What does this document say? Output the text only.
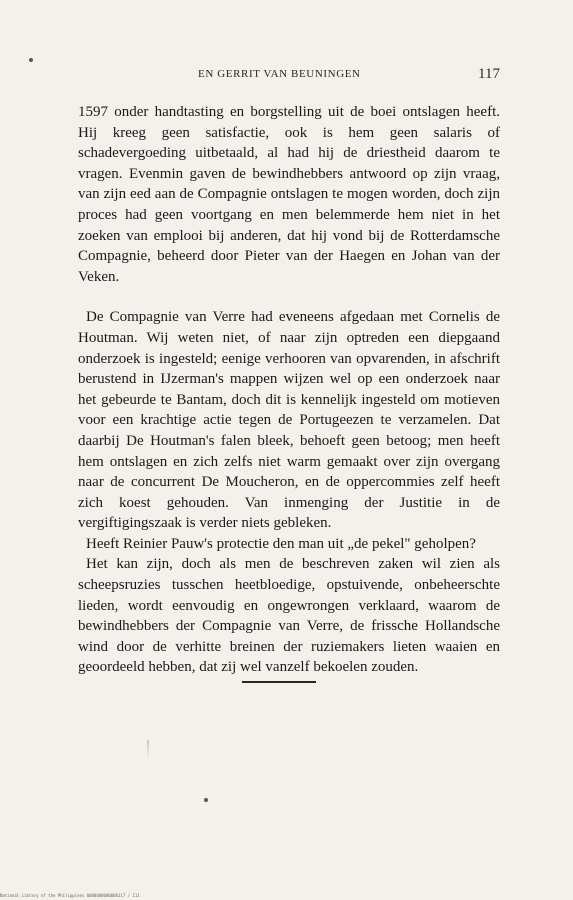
EN GERRIT VAN BEUNINGEN	117

1597 onder handtasting en borgstelling uit de boei ontslagen heeft. Hij kreeg geen satisfactie, ook is hem geen salaris of schadevergoeding uitbetaald, al had hij de driestheid daarom te vragen. Evenmin gaven de bewindhebbers antwoord op zijn vraag, van zijn eed aan de Compagnie ontslagen te mogen worden, doch zijn proces had geen voortgang en men belemmerde hem niet in het zoeken van emplooi bij anderen, dat hij vond bij de Rotterdamsche Compagnie, beheerd door Pieter van der Haegen en Johan van der Veken.

De Compagnie van Verre had eveneens afgedaan met Cornelis de Houtman. Wij weten niet, of naar zijn optreden een diepgaand onderzoek is ingesteld; eenige verhooren van opvarenden, in afschrift berustend in IJzerman's mappen wijzen wel op een onderzoek naar het gebeurde te Bantam, doch dit is kennelijk ingesteld om motieven voor een krachtige actie tegen de Portugeezen te verzamelen. Dat daarbij De Houtman's falen bleek, behoeft geen betoog; men heeft hem ontslagen en zich zelfs niet warm gemaakt over zijn overgang naar de concurrent De Moucheron, en de oppercommies zelf heeft zich koest gehouden. Van inmenging der Justitie in de vergiftigingszaak is verder niets gebleken.

Heeft Reinier Pauw's protectie den man uit „de pekel" geholpen?

Het kan zijn, doch als men de beschreven zaken wil zien als scheepsruzies tusschen heetbloedige, opstuivende, onbeheerschte lieden, wordt eenvoudig en ongewrongen verklaard, waarom de bewindhebbers der Compagnie van Verre, de frissche Hollandsche wind door de verhitte breinen der ruziemakers lieten waaien en geoordeeld hebben, dat zij wel vanzelf bekoelen zouden.

National Library of the Philippines 0000000000000117 / 111
